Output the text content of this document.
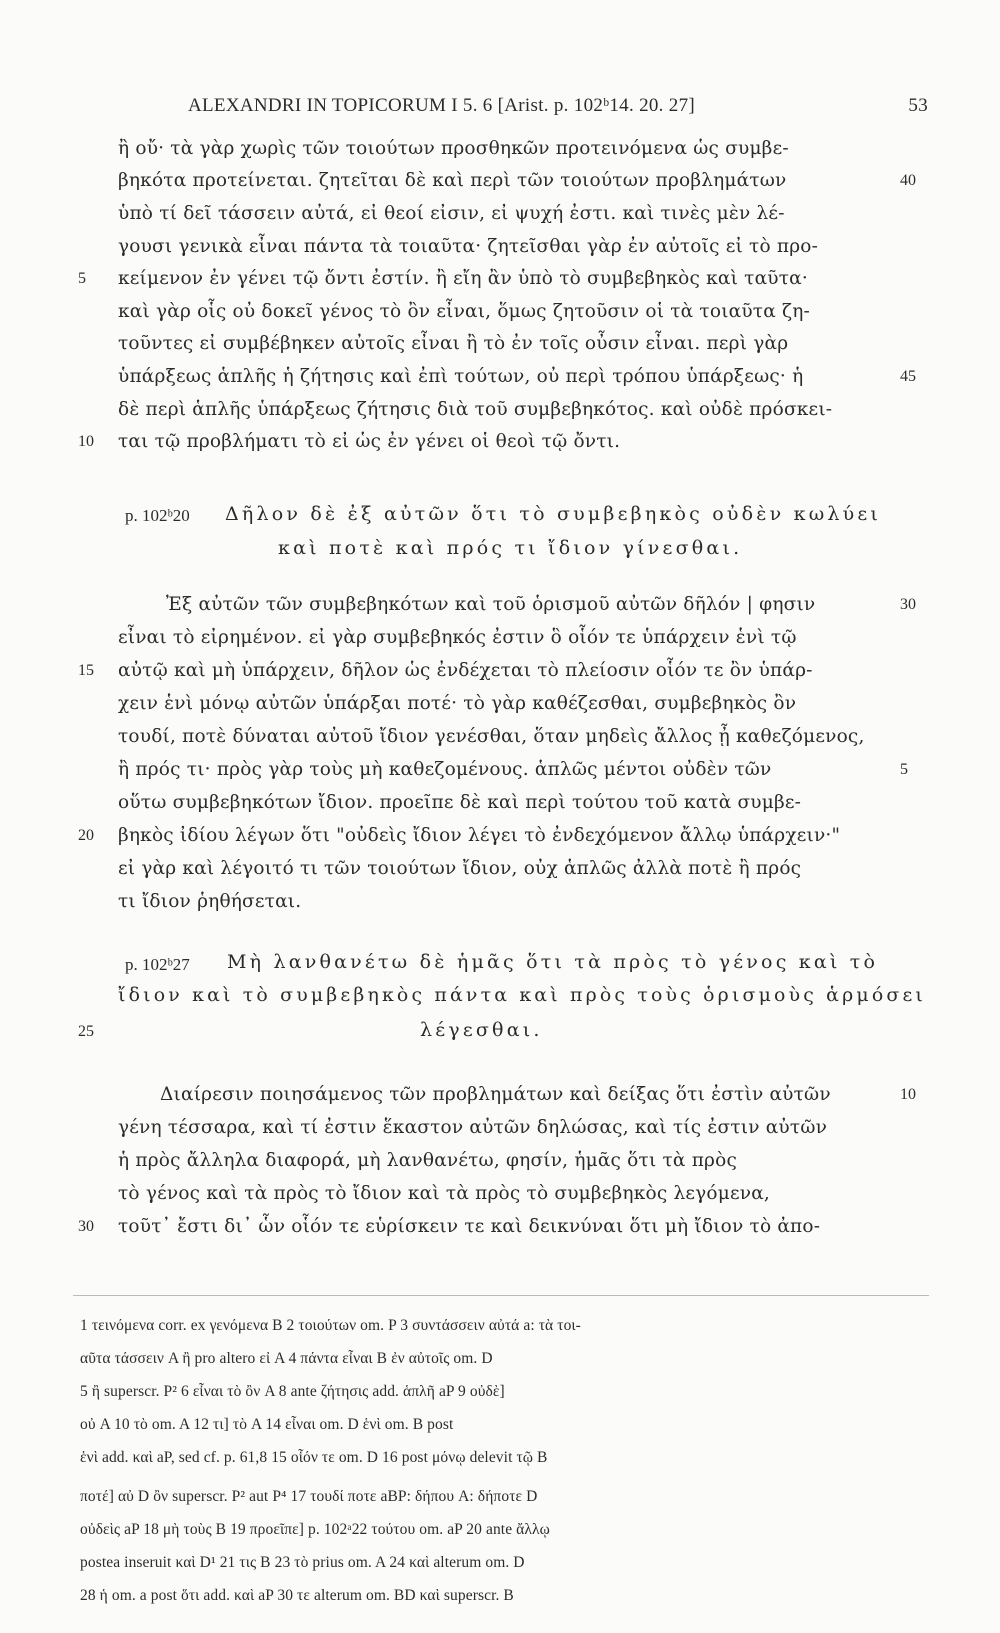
ALEXANDRI IN TOPICORUM I 5. 6 [Arist. p. 102ᵇ14. 20. 27]	53
ἢ οὔ· τὰ γὰρ χωρὶς τῶν τοιούτων προσθηκῶν προτεινόμενα ὡς συμβε-
βηκότα προτείνεται. ζητεῖται δὲ καὶ περὶ τῶν τοιούτων προβλημάτων
ὑπὸ τί δεῖ τάσσειν αὐτά, εἰ θεοί εἰσιν, εἰ ψυχή ἐστι. καὶ τινὲς μὲν λέ-
γουσι γενικὰ εἶναι πάντα τὰ τοιαῦτα· ζητεῖσθαι γὰρ ἐν αὐτοῖς εἰ τὸ προ-
κείμενον ἐν γένει τῷ ὄντι ἐστίν. ἢ εἴη ἂν ὑπὸ τὸ συμβεβηκὸς καὶ ταῦτα·
καὶ γὰρ οἷς οὐ δοκεῖ γένος τὸ ὂν εἶναι, ὅμως ζητοῦσιν οἱ τὰ τοιαῦτα ζη-
τοῦντες εἰ συμβέβηκεν αὐτοῖς εἶναι ἢ τὸ ἐν τοῖς οὖσιν εἶναι. περὶ γὰρ
ὑπάρξεως ἁπλῆς ἡ ζήτησις καὶ ἐπὶ τούτων, οὐ περὶ τρόπου ὑπάρξεως· ἡ
δὲ περὶ ἁπλῆς ὑπάρξεως ζήτησις διὰ τοῦ συμβεβηκότος. καὶ οὐδὲ πρόσκει-
ται τῷ προβλήματι τὸ εἰ ὡς ἐν γένει οἱ θεοὶ τῷ ὄντι.
p. 102ᵇ20 Δῆλον δὲ ἐξ αὐτῶν ὅτι τὸ συμβεβηκὸς οὐδὲν κωλύει
καὶ ποτὲ καὶ πρός τι ἴδιον γίνεσθαι.
Ἐξ αὐτῶν τῶν συμβεβηκότων καὶ τοῦ ὁρισμοῦ αὐτῶν δῆλόν | φησιν
εἶναι τὸ εἰρημένον. εἰ γὰρ συμβεβηκός ἐστιν ὃ οἷόν τε ὑπάρχειν ἑνὶ τῷ
αὐτῷ καὶ μὴ ὑπάρχειν, δῆλον ὡς ἐνδέχεται τὸ πλείοσιν οἷόν τε ὂν ὑπάρ-
χειν ἑνὶ μόνῳ αὐτῶν ὑπάρξαι ποτέ· τὸ γὰρ καθέζεσθαι, συμβεβηκὸς ὂν
τουδί, ποτὲ δύναται αὐτοῦ ἴδιον γενέσθαι, ὅταν μηδεὶς ἄλλος ᾖ καθεζόμενος,
ἢ πρός τι· πρὸς γὰρ τοὺς μὴ καθεζομένους. ἁπλῶς μέντοι οὐδὲν τῶν
οὕτω συμβεβηκότων ἴδιον. προεῖπε δὲ καὶ περὶ τούτου τοῦ κατὰ συμβε-
βηκὸς ἰδίου λέγων ὅτι "οὐδεὶς ἴδιον λέγει τὸ ἐνδεχόμενον ἄλλῳ ὑπάρχειν·"
εἰ γὰρ καὶ λέγοιτό τι τῶν τοιούτων ἴδιον, οὐχ ἁπλῶς ἀλλὰ ποτὲ ἢ πρός
τι ἴδιον ῥηθήσεται.
p. 102ᵇ27 Μὴ λανθανέτω δὲ ἡμᾶς ὅτι τὰ πρὸς τὸ γένος καὶ τὸ
ἴδιον καὶ τὸ συμβεβηκὸς πάντα καὶ πρὸς τοὺς ὁρισμοὺς ἁρμόσει
λέγεσθαι.
Διαίρεσιν ποιησάμενος τῶν προβλημάτων καὶ δείξας ὅτι ἐστὶν αὐτῶν
γένη τέσσαρα, καὶ τί ἐστιν ἕκαστον αὐτῶν δηλώσας, καὶ τίς ἐστιν αὐτῶν
ἡ πρὸς ἄλληλα διαφορά, μὴ λανθανέτω, φησίν, ἡμᾶς ὅτι τὰ πρὸς
τὸ γένος καὶ τὰ πρὸς τὸ ἴδιον καὶ τὰ πρὸς τὸ συμβεβηκὸς λεγόμενα,
τοῦτ᾽ ἔστι δι᾽ ὧν οἷόν τε εὑρίσκειν τε καὶ δεικνύναι ὅτι μὴ ἴδιον τὸ ἀπο-
5
10
15
20
25
30
40
45
30
5
10
1 τεινόμενα corr. ex γενόμενα B 2 τοιούτων om. P 3 συντάσσειν αὐτά a: τὰ τοι-
αῦτα τάσσειν A ἢ pro altero εἰ A 4 πάντα εἶναι B ἐν αὐτοῖς om. D
5 ἢ superscr. P² 6 εἶναι τὸ ὂν A 8 ante ζήτησις add. ἁπλῆ aP 9 οὐδὲ]
οὐ A 10 τὸ om. A 12 τι] τὸ A 14 εἶναι om. D ἑνὶ om. B post
ἑνὶ add. καὶ aP, sed cf. p. 61,8 15 οἷόν τε om. D 16 post μόνῳ delevit τῷ B
ποτέ] αὐ D ὂν superscr. P² aut P⁴ 17 τουδί ποτε aBP: δήπου A: δήποτε D
οὐδεὶς aP 18 μὴ τοὺς B 19 προεῖπε] p. 102ᵃ22 τούτου om. aP 20 ante ἄλλῳ
postea inseruit καὶ D¹ 21 τις B 23 τὸ prius om. A 24 καὶ alterum om. D
28 ἡ om. a post ὅτι add. καὶ aP 30 τε alterum om. BD καὶ superscr. B
